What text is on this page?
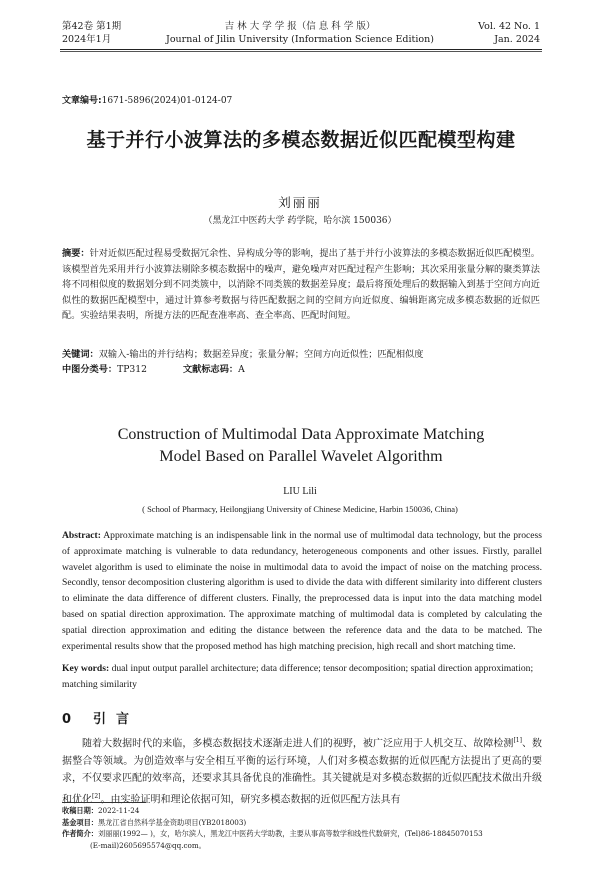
第42卷 第1期
2024年1月
吉 林 大 学 学 报（信 息 科 学 版）
Journal of Jilin University (Information Science Edition)
Vol. 42 No. 1
Jan. 2024
文章编号:1671-5896(2024)01-0124-07
基于并行小波算法的多模态数据近似匹配模型构建
刘丽丽
（黑龙江中医药大学 药学院，哈尔滨 150036）
摘要：针对近似匹配过程易受数据冗余性、异构成分等的影响，提出了基于并行小波算法的多模态数据近似匹配模型。该模型首先采用并行小波算法剔除多模态数据中的噪声，避免噪声对匹配过程产生影响；其次采用张量分解的聚类算法将不同相似度的数据划分到不同类簇中，以消除不同类簇的数据差异度；最后将预处理后的数据输入到基于空间方向近似性的数据匹配模型中，通过计算参考数据与待匹配数据之间的空间方向近似度、编辑距离完成多模态数据的近似匹配。实验结果表明，所提方法的匹配查准率高、查全率高、匹配时间短。
关键词：双输入-输出的并行结构；数据差异度；张量分解；空间方向近似性；匹配相似度
中图分类号：TP312	文献标志码：A
Construction of Multimodal Data Approximate Matching
Model Based on Parallel Wavelet Algorithm
LIU Lili
( School of Pharmacy, Heilongjiang University of Chinese Medicine, Harbin 150036, China)
Abstract: Approximate matching is an indispensable link in the normal use of multimodal data technology, but the process of approximate matching is vulnerable to data redundancy, heterogeneous components and other issues. Firstly, parallel wavelet algorithm is used to eliminate the noise in multimodal data to avoid the impact of noise on the matching process. Secondly, tensor decomposition clustering algorithm is used to divide the data with different similarity into different clusters to eliminate the data difference of different clusters. Finally, the preprocessed data is input into the data matching model based on spatial direction approximation. The approximate matching of multimodal data is completed by calculating the spatial direction approximation and editing the distance between the reference data and the data to be matched. The experimental results show that the proposed method has high matching precision, high recall and short matching time.
Key words: dual input output parallel architecture; data difference; tensor decomposition; spatial direction approximation; matching similarity
0 引言
随着大数据时代的来临，多模态数据技术逐渐走进人们的视野，被广泛应用于人机交互、故障检测[1]、数据整合等领域。为创造效率与安全相互平衡的运行环境，人们对多模态数据的近似匹配方法提出了更高的要求，不仅要求匹配的效率高，还要求其具备优良的准确性。其关键就是对多模态数据的近似匹配技术做出升级和优化[2]。由实验证明和理论依据可知，研究多模态数据的近似匹配方法具有
收稿日期：2022-11-24
基金项目：黑龙江省自然科学基金资助项目(YB2018003)
作者简介：刘丽丽(1992— )，女，哈尔滨人，黑龙江中医药大学助教，主要从事高等数学和线性代数研究，(Tel)86-18845070153
(E-mail)2605695574@qq.com。
